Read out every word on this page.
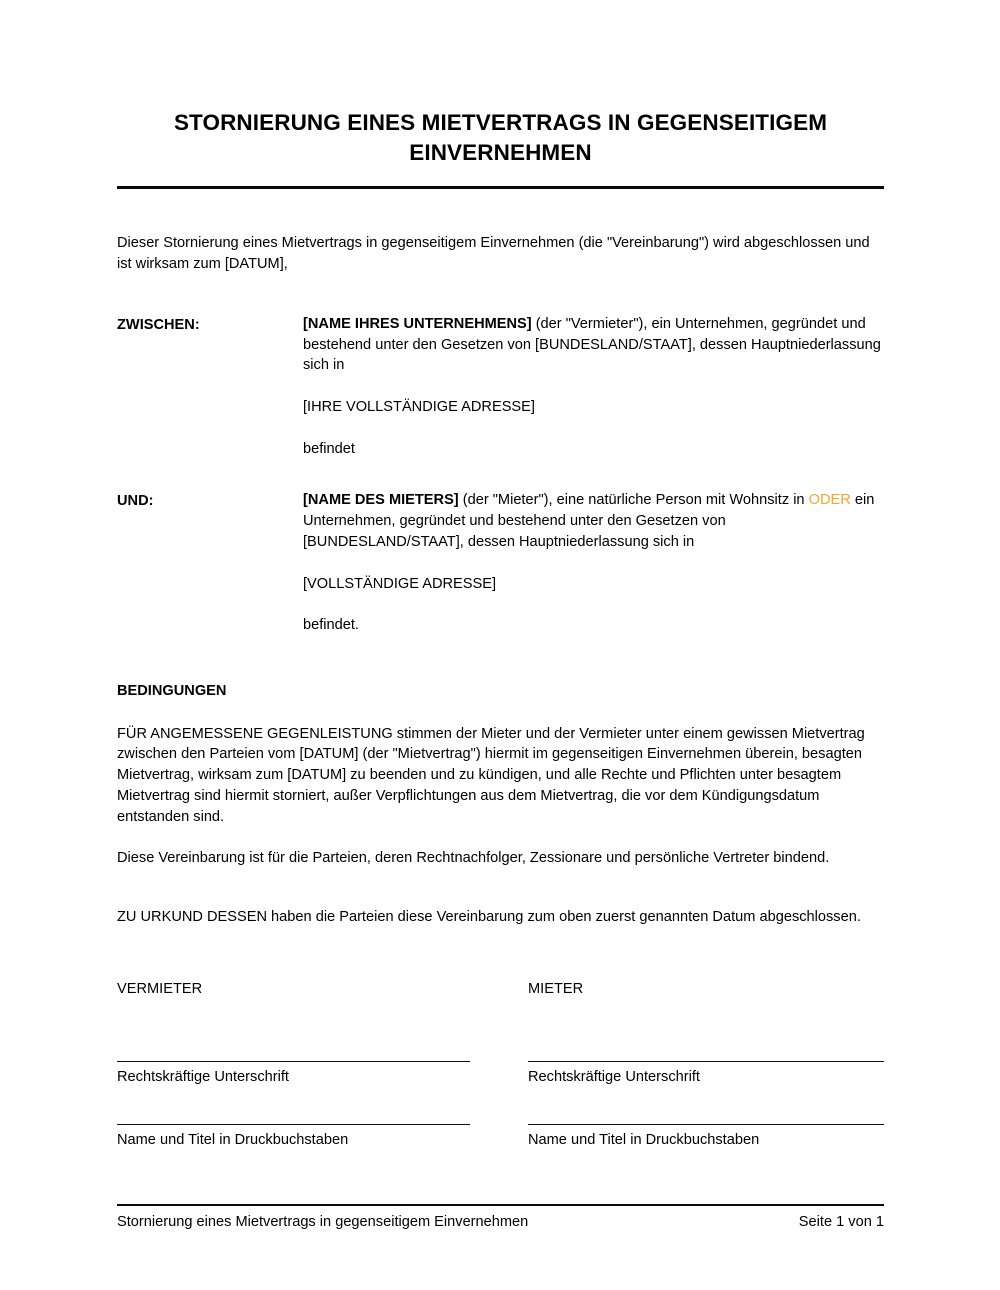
STORNIERUNG EINES MIETVERTRAGS IN GEGENSEITIGEM EINVERNEHMEN

Dieser Stornierung eines Mietvertrags in gegenseitigem Einvernehmen (die "Vereinbarung") wird abgeschlossen und ist wirksam zum [DATUM],

ZWISCHEN:	[NAME IHRES UNTERNEHMENS] (der "Vermieter"), ein Unternehmen, gegründet und bestehend unter den Gesetzen von [BUNDESLAND/STAAT], dessen Hauptniederlassung sich in

[IHRE VOLLSTÄNDIGE ADRESSE]

befindet

UND:	[NAME DES MIETERS] (der "Mieter"), eine natürliche Person mit Wohnsitz in ODER ein Unternehmen, gegründet und bestehend unter den Gesetzen von [BUNDESLAND/STAAT], dessen Hauptniederlassung sich in

[VOLLSTÄNDIGE ADRESSE]

befindet.

BEDINGUNGEN

FÜR ANGEMESSENE GEGENLEISTUNG stimmen der Mieter und der Vermieter unter einem gewissen Mietvertrag zwischen den Parteien vom [DATUM] (der "Mietvertrag") hiermit im gegenseitigen Einvernehmen überein, besagten Mietvertrag, wirksam zum [DATUM] zu beenden und zu kündigen, und alle Rechte und Pflichten unter besagtem Mietvertrag sind hiermit storniert, außer Verpflichtungen aus dem Mietvertrag, die vor dem Kündigungsdatum entstanden sind.

Diese Vereinbarung ist für die Parteien, deren Rechtnachfolger, Zessionare und persönliche Vertreter bindend.

ZU URKUND DESSEN haben die Parteien diese Vereinbarung zum oben zuerst genannten Datum abgeschlossen.

VERMIETER
Rechtskräftige Unterschrift
Name und Titel in Druckbuchstaben
MIETER
Rechtskräftige Unterschrift
Name und Titel in Druckbuchstaben
Stornierung eines Mietvertrags in gegenseitigem Einvernehmen	Seite 1 von 1
